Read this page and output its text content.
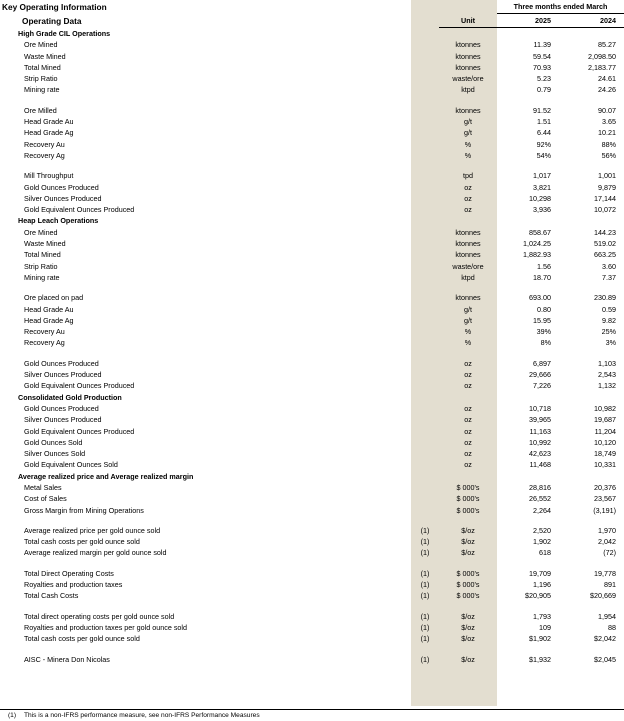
Key Operating Information			Three months ended March	
Operating Data		Unit	2025	2024
High Grade CIL Operations				
Ore Mined		ktonnes	11.39	85.27
Waste Mined		ktonnes	59.54	2,098.50
Total Mined		ktonnes	70.93	2,183.77
Strip Ratio		waste/ore	5.23	24.61
Mining rate		ktpd	0.79	24.26

Ore Milled		ktonnes	91.52	90.07
Head Grade Au		g/t	1.51	3.65
Head Grade Ag		g/t	6.44	10.21
Recovery Au		%	92%	88%
Recovery Ag		%	54%	56%

Mill Throughput		tpd	1,017	1,001
Gold Ounces Produced		oz	3,821	9,879
Silver Ounces Produced		oz	10,298	17,144
Gold Equivalent Ounces Produced		oz	3,936	10,072
Heap Leach Operations				
Ore Mined		ktonnes	858.67	144.23
Waste Mined		ktonnes	1,024.25	519.02
Total Mined		ktonnes	1,882.93	663.25
Strip Ratio		waste/ore	1.56	3.60
Mining rate		ktpd	18.70	7.37

Ore placed on pad		ktonnes	693.00	230.89
Head Grade Au		g/t	0.80	0.59
Head Grade Ag		g/t	15.95	9.82
Recovery Au		%	39%	25%
Recovery Ag		%	8%	3%

Gold Ounces Produced		oz	6,897	1,103
Silver Ounces Produced		oz	29,666	2,543
Gold Equivalent Ounces Produced		oz	7,226	1,132
Consolidated Gold Production				
Gold Ounces Produced		oz	10,718	10,982
Silver Ounces Produced		oz	39,965	19,687
Gold Equivalent Ounces Produced		oz	11,163	11,204
Gold Ounces Sold		oz	10,992	10,120
Silver Ounces Sold		oz	42,623	18,749
Gold Equivalent Ounces Sold		oz	11,468	10,331
Average realized price and Average realized margin				
Metal Sales		$ 000's	28,816	20,376
Cost of Sales		$ 000's	26,552	23,567
Gross Margin from Mining Operations		$ 000's	2,264	(3,191)

Average realized price per gold ounce sold	(1)	$/oz	2,520	1,970
Total cash costs per gold ounce sold	(1)	$/oz	1,902	2,042
Average realized margin per gold ounce sold	(1)	$/oz	618	(72)

Total Direct Operating Costs	(1)	$ 000's	19,709	19,778
Royalties and production taxes	(1)	$ 000's	1,196	891
Total Cash Costs	(1)	$ 000's	$20,905	$20,669

Total direct operating costs per gold ounce sold	(1)	$/oz	1,793	1,954
Royalties and production taxes per gold ounce sold	(1)	$/oz	109	88
Total cash costs per gold ounce sold	(1)	$/oz	$1,902	$2,042

AISC - Minera Don Nicolas	(1)	$/oz	$1,932	$2,045
(1) This is a non-IFRS performance measure, see non-IFRS Performance Measures
